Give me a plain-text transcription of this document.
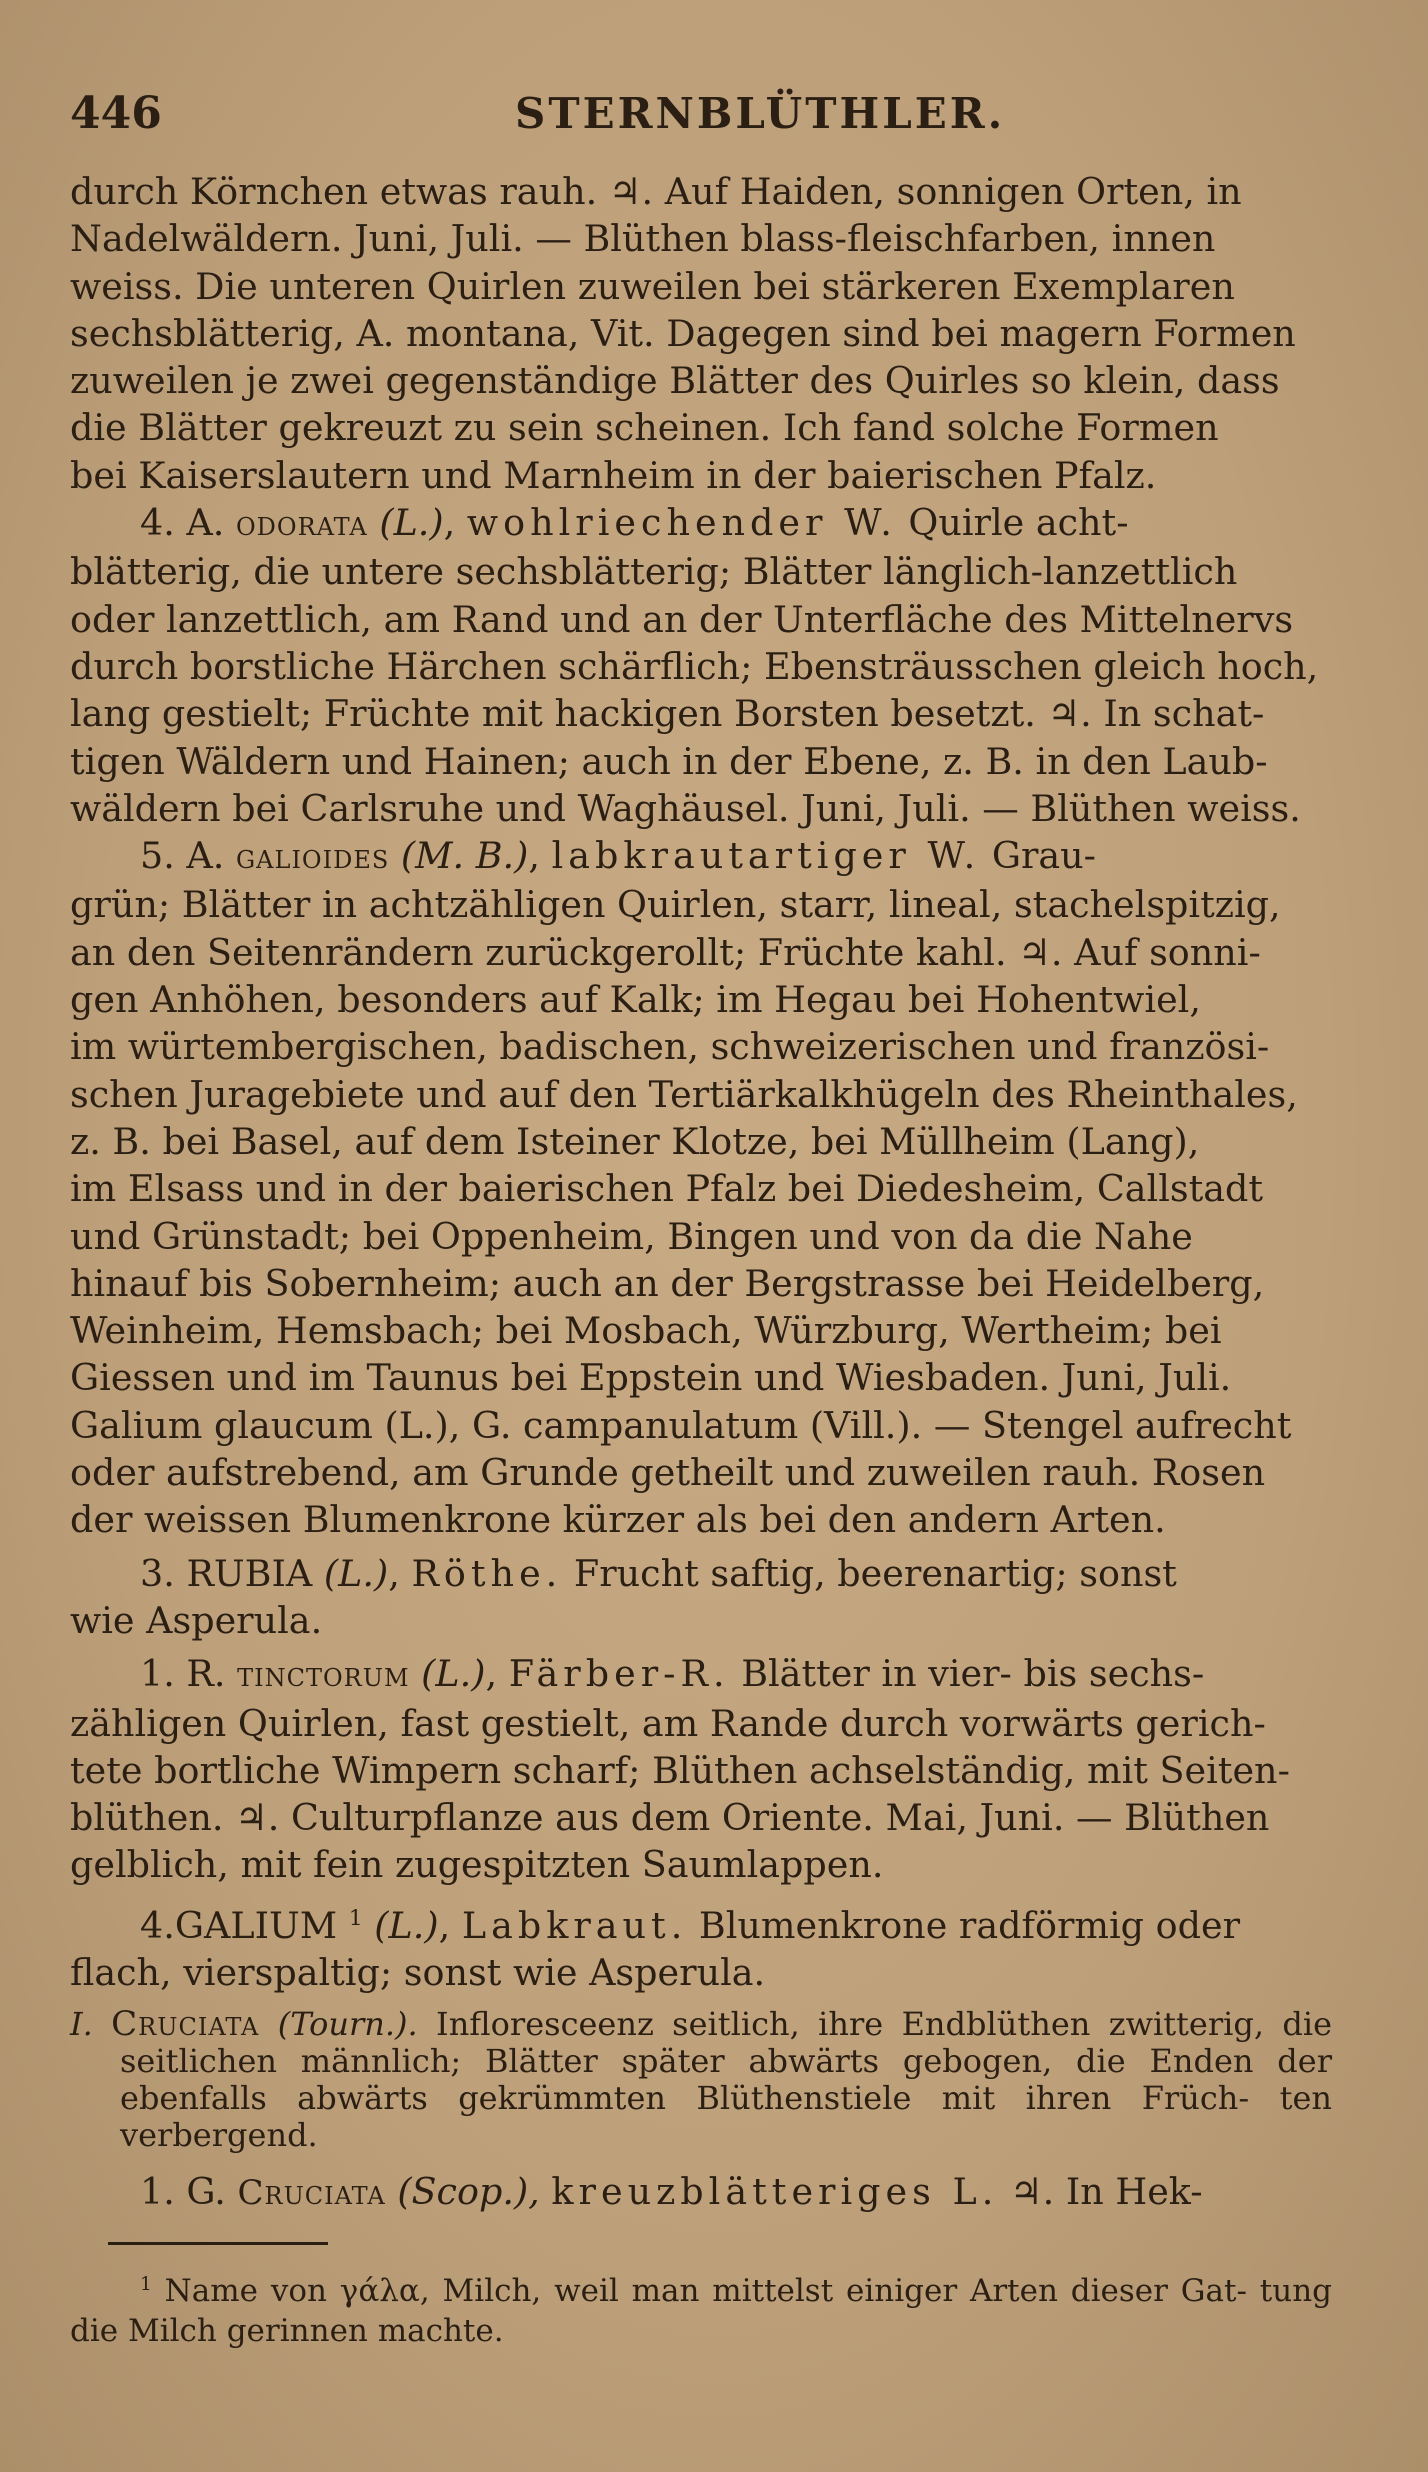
446	STERNBLÜTHLER.

durch Körnchen etwas rauh. ♃. Auf Haiden, sonnigen Orten, in

Nadelwäldern. Juni, Juli. — Blüthen blass-fleischfarben, innen

weiss. Die unteren Quirlen zuweilen bei stärkeren Exemplaren

sechsblätterig, A. montana, Vit. Dagegen sind bei magern Formen

zuweilen je zwei gegenständige Blätter des Quirles so klein, dass

die Blätter gekreuzt zu sein scheinen. Ich fand solche Formen

bei Kaiserslautern und Marnheim in der baierischen Pfalz.

4. A. odorata (L.), wohlriechender W. Quirle acht-

blätterig, die untere sechsblätterig; Blätter länglich-lanzettlich

oder lanzettlich, am Rand und an der Unterfläche des Mittelnervs

durch borstliche Härchen schärflich; Ebensträusschen gleich hoch,

lang gestielt; Früchte mit hackigen Borsten besetzt. ♃. In schat-

tigen Wäldern und Hainen; auch in der Ebene, z. B. in den Laub-

wäldern bei Carlsruhe und Waghäusel. Juni, Juli. — Blüthen weiss.

5. A. galioides (M. B.), labkrautartiger W. Grau-

grün; Blätter in achtzähligen Quirlen, starr, lineal, stachelspitzig,

an den Seitenrändern zurückgerollt; Früchte kahl. ♃. Auf sonni-

gen Anhöhen, besonders auf Kalk; im Hegau bei Hohentwiel,

im würtembergischen, badischen, schweizerischen und französi-

schen Juragebiete und auf den Tertiärkalkhügeln des Rheinthales,

z. B. bei Basel, auf dem Isteiner Klotze, bei Müllheim (Lang),

im Elsass und in der baierischen Pfalz bei Diedesheim, Callstadt

und Grünstadt; bei Oppenheim, Bingen und von da die Nahe

hinauf bis Sobernheim; auch an der Bergstrasse bei Heidelberg,

Weinheim, Hemsbach; bei Mosbach, Würzburg, Wertheim; bei

Giessen und im Taunus bei Eppstein und Wiesbaden. Juni, Juli.

Galium glaucum (L.), G. campanulatum (Vill.). — Stengel aufrecht

oder aufstrebend, am Grunde getheilt und zuweilen rauh. Rosen

der weissen Blumenkrone kürzer als bei den andern Arten.

3. RUBIA (L.), Röthe. Frucht saftig, beerenartig; sonst

wie Asperula.

1. R. tinctorum (L.), Färber-R. Blätter in vier- bis sechs-

zähligen Quirlen, fast gestielt, am Rande durch vorwärts gerich-

tete bortliche Wimpern scharf; Blüthen achselständig, mit Seiten-

blüthen. ♃. Culturpflanze aus dem Oriente. Mai, Juni. — Blüthen

gelblich, mit fein zugespitzten Saumlappen.

4.GALIUM $^1$ (L.), Labkraut. Blumenkrone radförmig oder

flach, vierspaltig; sonst wie Asperula.

I. Cruciata (Tourn.). Infloresceenz seitlich, ihre Endblüthen zwitterig, die seitlichen männlich; Blätter später abwärts gebogen, die Enden der ebenfalls abwärts gekrümmten Blüthenstiele mit ihren Früch- ten verbergend.

1. G. Cruciata (Scop.), kreuzblätteriges L. ♃. In Hek-

$^1$ Name von γάλα, Milch, weil man mittelst einiger Arten dieser Gat- tung die Milch gerinnen machte.
